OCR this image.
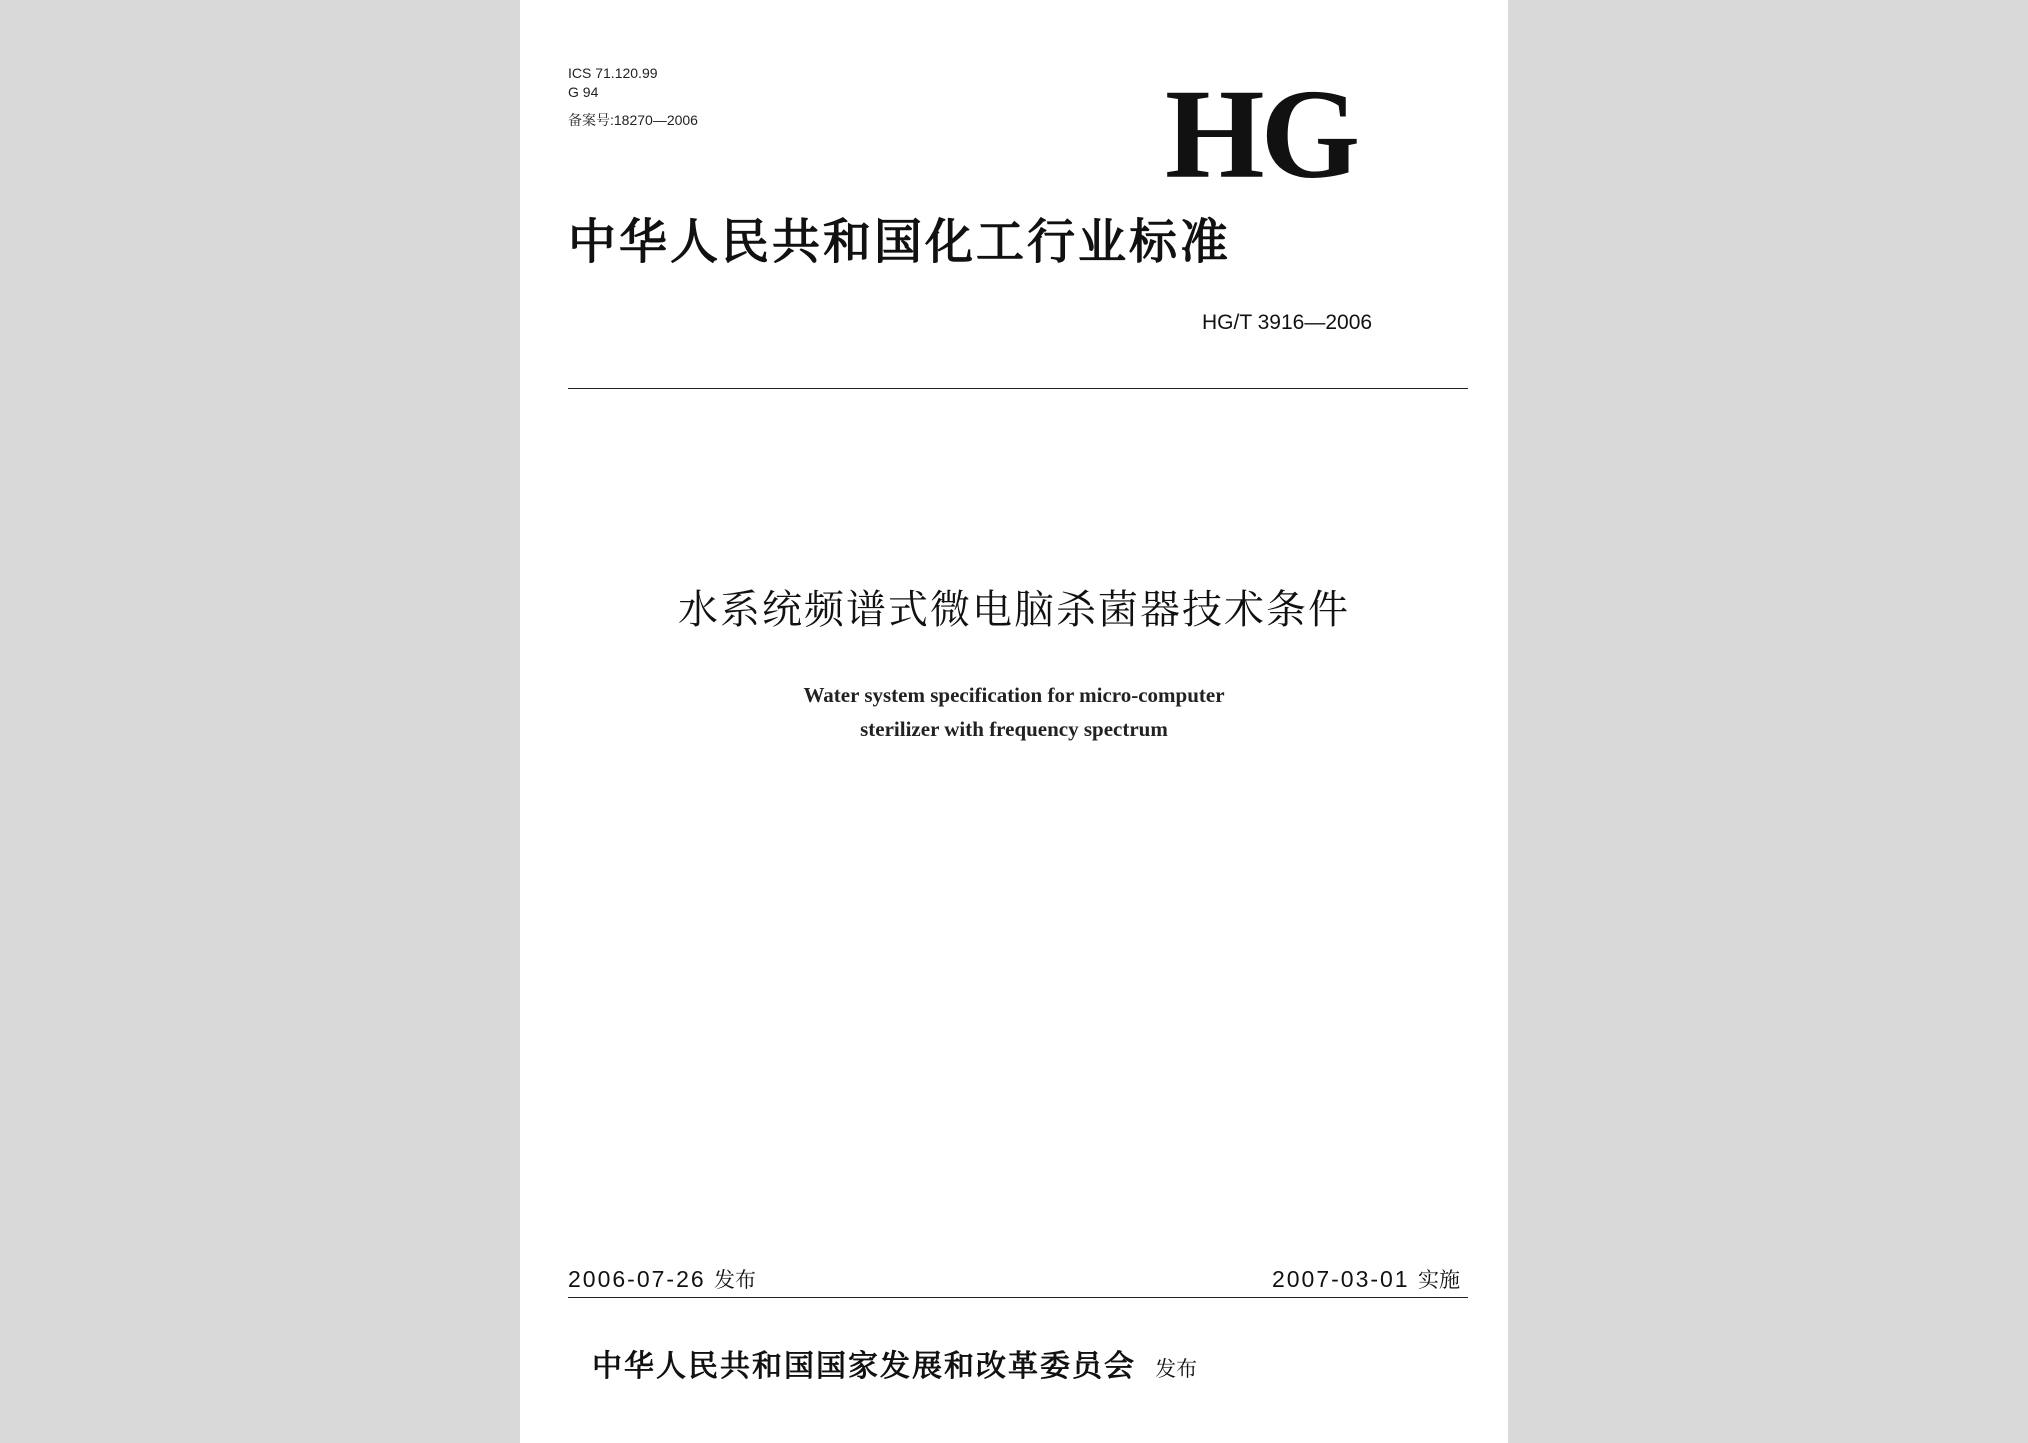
ICS 71.120.99
G 94
备案号:18270—2006	HG
中华人民共和国化工行业标准
HG/T 3916—2006
水系统频谱式微电脑杀菌器技术条件
Water system specification for micro-computer
sterilizer with frequency spectrum
2006-07-26 发布	2007-03-01 实施
中华人民共和国国家发展和改革委员会 发布
